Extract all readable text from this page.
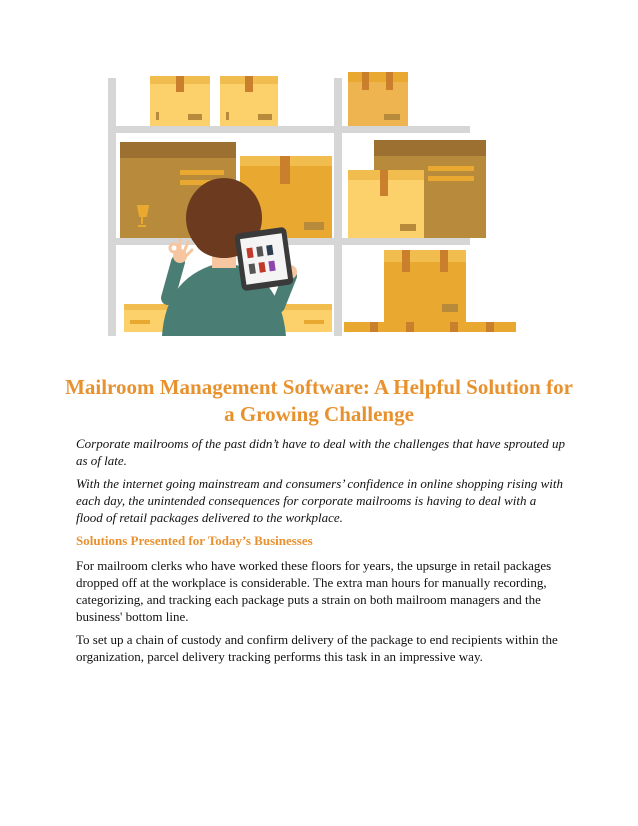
Mailroom Management Software: A Helpful Solution for a Growing Challenge

Corporate mailrooms of the past didn’t have to deal with the challenges that have sprouted up as of late.

With the internet going mainstream and consumers’ confidence in online shopping rising with each day, the unintended consequences for corporate mailrooms is having to deal with a flood of retail packages delivered to the workplace.

Solutions Presented for Today’s Businesses

For mailroom clerks who have worked these floors for years, the upsurge in retail packages dropped off at the workplace is considerable. The extra man hours for manually recording, categorizing, and tracking each package puts a strain on both mailroom managers and the business' bottom line.

To set up a chain of custody and confirm delivery of the package to end recipients within the organization, parcel delivery tracking performs this task in an impressive way.
